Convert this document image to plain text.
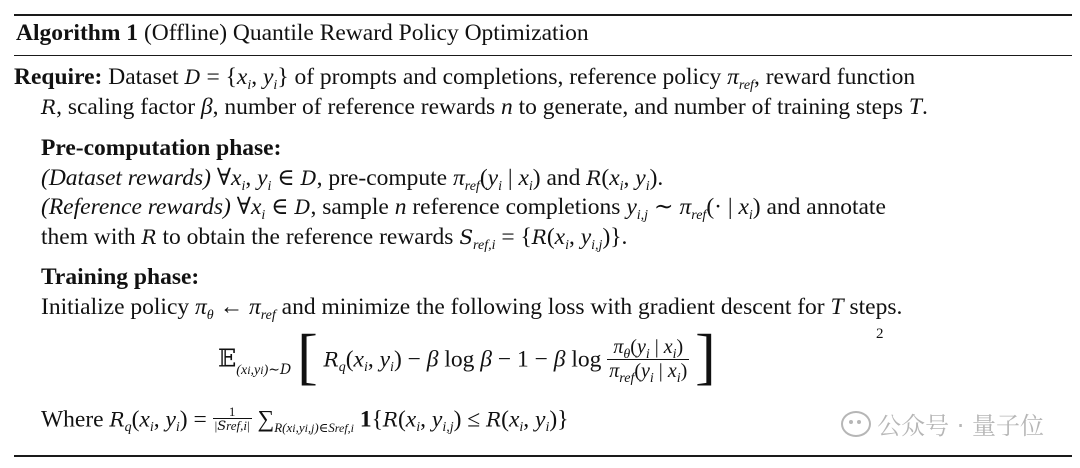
Algorithm 1 (Offline) Quantile Reward Policy Optimization
Require: Dataset $D = \{x_i$, $y_i$} of prompts and completions, reference policy $\pi_{ref}$, reward function
R, scaling factor β, number of reference rewards n to generate, and number of training steps T.
Pre-computation phase:
(Dataset rewards) $\forall x_i$, $y_i$ ∈ D, pre-compute $\pi_{ref}(y_i$ | $x_i$) and $R(x_i$, $y_i$).
(Reference rewards) $\forall x_i$ ∈ D, sample n reference completions $y_{i,j}$ ∼ $\pi_{ref}(\cdot$ | $x_i$) and annotate
them with R to obtain the reference rewards $S_{ref,i} = \{R(x_i$, $y_{i,j}$)}.
Training phase:
Initialize policy $\pi_\theta$ ← $\pi_{ref}$ and minimize the following loss with gradient descent for T steps.
𝔼$_{(xi,yi)\sim D}$ [ $R_q(x_i$, $y_i) - \beta$ log β − 1 − β $\log \frac{\pi_\theta(y_i | x_i)}{\pi_{ref}(y_i | x_i)}$ ]	2
Where $R_q(x_i$, $y_i) = \frac{1}{\text{|Sref,i|}} \sum_{R(xi,yi,j)\in Sref,i}$ $1\{R(x_i$, $y_{i,j}) \le R(x_i$, $y_i$)}	公众号 · 量子位
